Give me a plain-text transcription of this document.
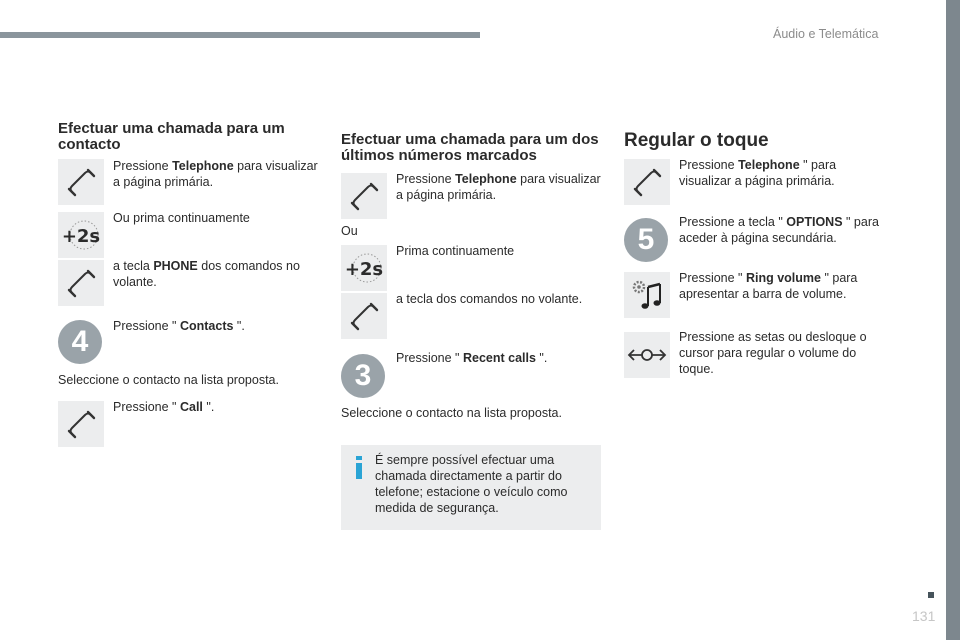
Áudio e Telemática
131
Efectuar uma chamada para um contacto
Pressione Telephone para visualizar a página primária.
+2s
Ou prima continuamente
a tecla PHONE dos comandos no volante.
4	Pressione " Contacts ".
Seleccione o contacto na lista proposta.
Pressione " Call ".
Efectuar uma chamada para um dos últimos números marcados
Pressione Telephone para visualizar a página primária.
Ou
+2s
Prima continuamente
a tecla dos comandos no volante.
3
Pressione " Recent calls ".
Seleccione o contacto na lista proposta.
É sempre possível efectuar uma chamada directamente a partir do telefone; estacione o veículo como medida de segurança.
Regular o toque
Pressione Telephone " para visualizar a página primária.
5
Pressione a tecla " OPTIONS " para aceder à página secundária.
Pressione " Ring volume " para apresentar a barra de volume.
Pressione as setas ou desloque o cursor para regular o volume do toque.
